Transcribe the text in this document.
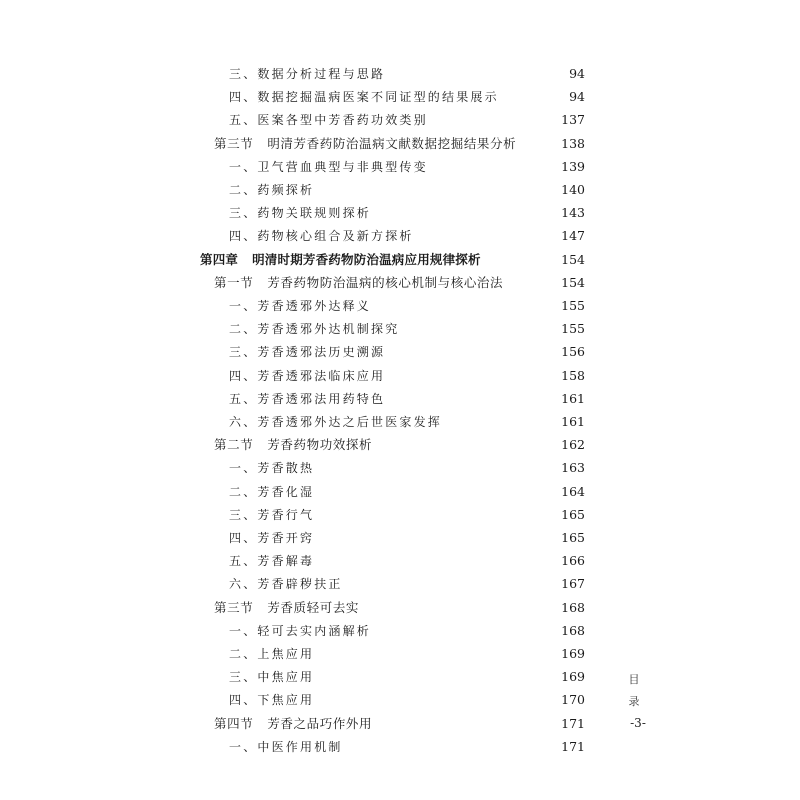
三、数据分析过程与思路	94
四、数据挖掘温病医案不同证型的结果展示	94
五、医案各型中芳香药功效类别	137
第三节 明清芳香药防治温病文献数据挖掘结果分析	138
一、卫气营血典型与非典型传变	139
二、药频探析	140
三、药物关联规则探析	143
四、药物核心组合及新方探析	147
第四章 明清时期芳香药物防治温病应用规律探析	154
第一节 芳香药物防治温病的核心机制与核心治法	154
一、芳香透邪外达释义	155
二、芳香透邪外达机制探究	155
三、芳香透邪法历史溯源	156
四、芳香透邪法临床应用	158
五、芳香透邪法用药特色	161
六、芳香透邪外达之后世医家发挥	161
第二节 芳香药物功效探析	162
一、芳香散热	163
二、芳香化湿	164
三、芳香行气	165
四、芳香开窍	165
五、芳香解毒	166
六、芳香辟秽扶正	167
第三节 芳香质轻可去实	168
一、轻可去实内涵解析	168
二、上焦应用	169
三、中焦应用	169
四、下焦应用	170
第四节 芳香之品巧作外用	171
一、中医作用机制	171
目
录
-3-
